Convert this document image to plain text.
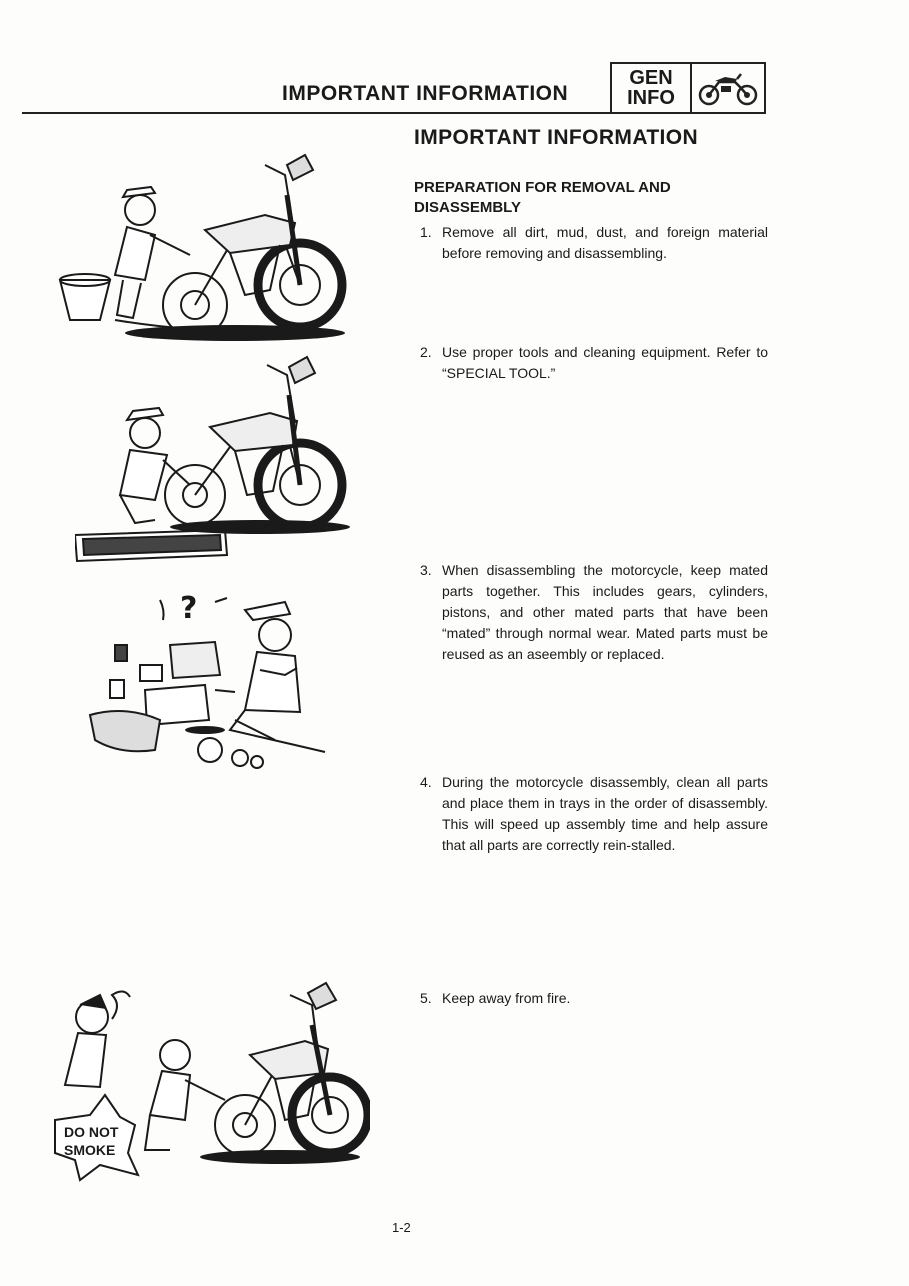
IMPORTANT INFORMATION
GEN
INFO
IMPORTANT INFORMATION
PREPARATION FOR REMOVAL AND DISASSEMBLY
1. Remove all dirt, mud, dust, and foreign material before removing and disassembling.
2. Use proper tools and cleaning equipment. Refer to “SPECIAL TOOL.”
3. When disassembling the motorcycle, keep mated parts together. This includes gears, cylinders, pistons, and other mated parts that have been “mated” through normal wear. Mated parts must be reused as an aseembly or replaced.
4. During the motorcycle disassembly, clean all parts and place them in trays in the order of disassembly. This will speed up assembly time and help assure that all parts are correctly rein-stalled.
5. Keep away from fire.
?
DO NOT
SMOKE
1-2
